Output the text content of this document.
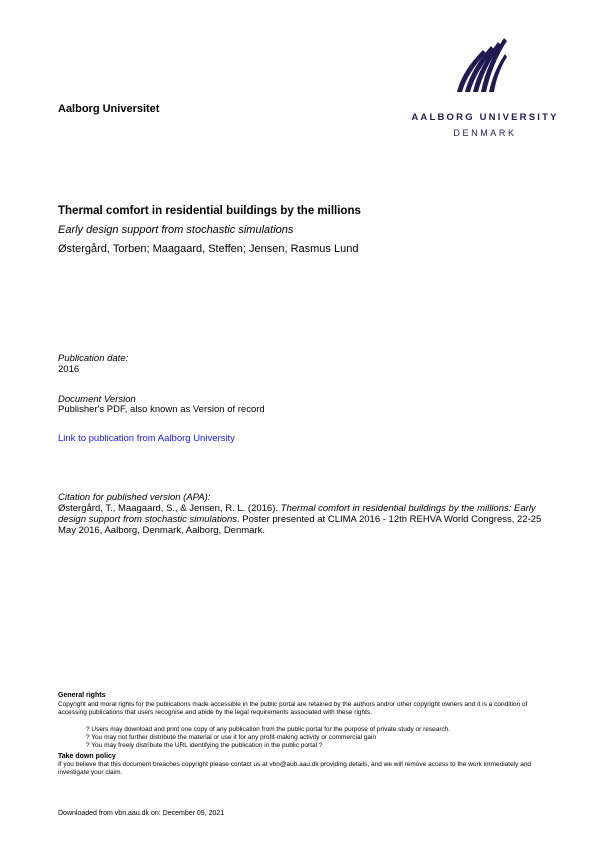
Aalborg Universitet
AALBORG UNIVERSITY
DENMARK
Thermal comfort in residential buildings by the millions
Early design support from stochastic simulations
Østergård, Torben; Maagaard, Steffen; Jensen, Rasmus Lund
Publication date:
2016
Document Version
Publisher's PDF, also known as Version of record
Link to publication from Aalborg University
Citation for published version (APA):
Østergård, T., Maagaard, S., & Jensen, R. L. (2016). Thermal comfort in residential buildings by the millions: Early design support from stochastic simulations. Poster presented at CLIMA 2016 - 12th REHVA World Congress, 22-25 May 2016, Aalborg, Denmark, Aalborg, Denmark.
General rights
Copyright and moral rights for the publications made accessible in the public portal are retained by the authors and/or other copyright owners and it is a condition of accessing publications that users recognise and abide by the legal requirements associated with these rights.
? Users may download and print one copy of any publication from the public portal for the purpose of private study or research.
? You may not further distribute the material or use it for any profit-making activity or commercial gain
? You may freely distribute the URL identifying the publication in the public portal ?
Take down policy
If you believe that this document breaches copyright please contact us at vbn@aub.aau.dk providing details, and we will remove access to the work immediately and investigate your claim.
Downloaded from vbn.aau.dk on: December 09, 2021
